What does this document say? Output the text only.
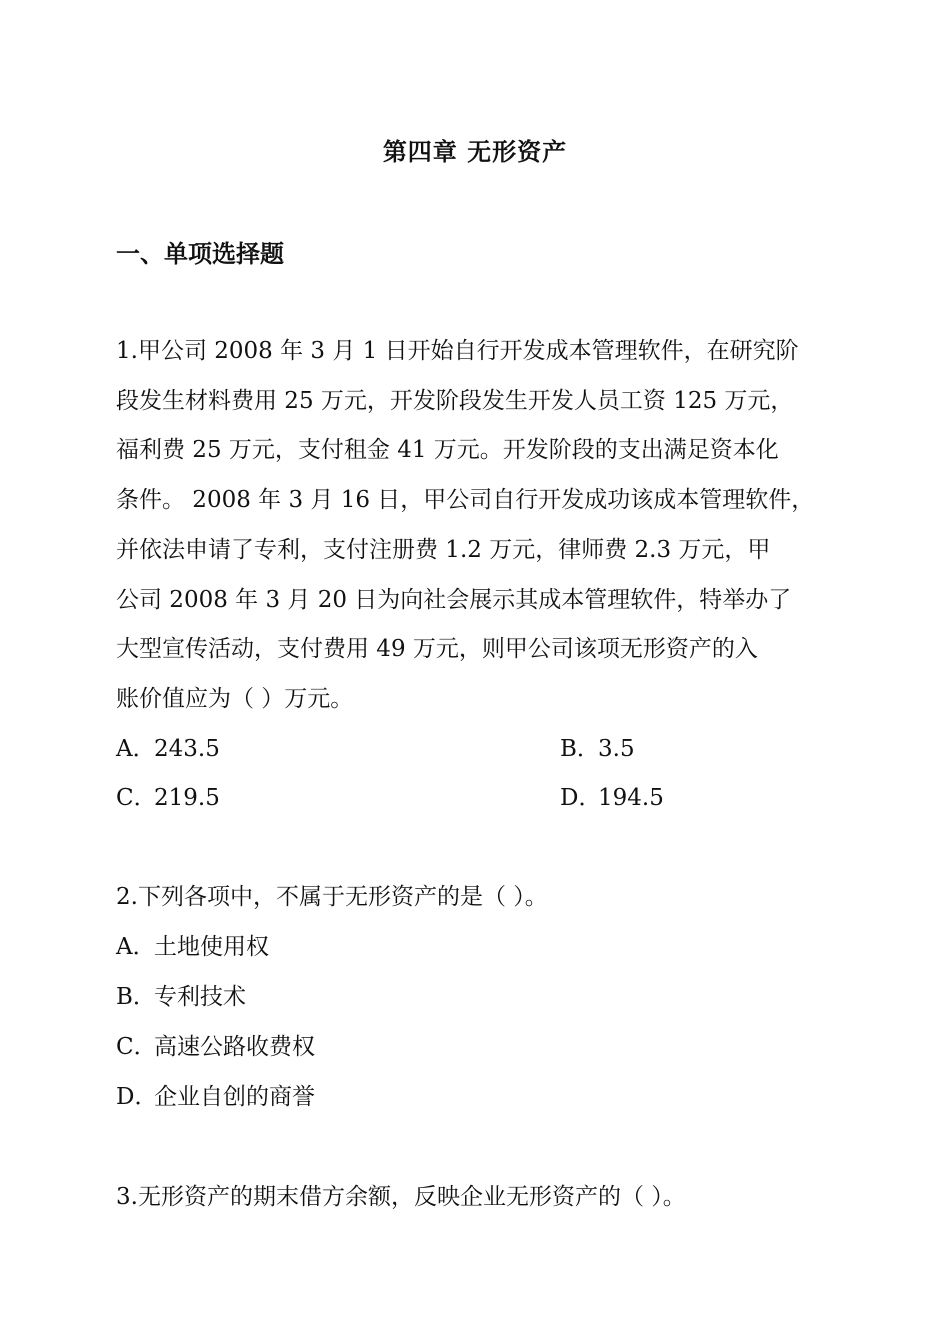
第四章 无形资产
一、单项选择题
1.甲公司 2008 年 3 月 1 日开始自行开发成本管理软件，在研究阶
段发生材料费用 25 万元，开发阶段发生开发人员工资 125 万元，
福利费 25 万元，支付租金 41 万元。开发阶段的支出满足资本化
条件。 2008 年 3 月 16 日，甲公司自行开发成功该成本管理软件，
并依法申请了专利，支付注册费 1.2 万元，律师费 2.3 万元，甲
公司 2008 年 3 月 20 日为向社会展示其成本管理软件，特举办了
大型宣传活动，支付费用 49 万元，则甲公司该项无形资产的入
账价值应为（ ）万元。
A．243.5	B．3.5
C．219.5	D．194.5
2.下列各项中，不属于无形资产的是（ ）。
A．土地使用权
B．专利技术
C．高速公路收费权
D．企业自创的商誉
3.无形资产的期末借方余额，反映企业无形资产的（ ）。
